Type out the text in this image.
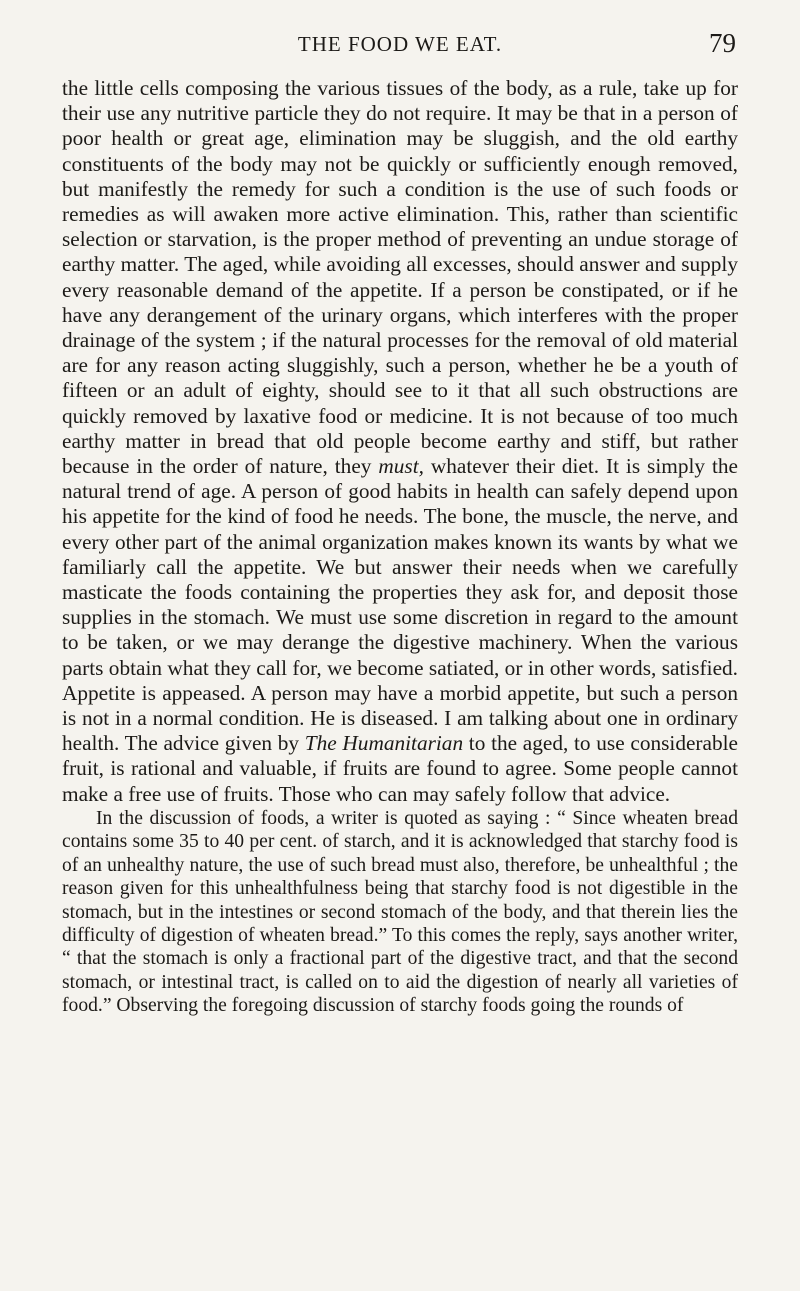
THE FOOD WE EAT.	79

the little cells composing the various tissues of the body, as a rule, take up for their use any nutritive particle they do not require. It may be that in a person of poor health or great age, elimination may be sluggish, and the old earthy constituents of the body may not be quickly or sufficiently enough removed, but manifestly the remedy for such a condition is the use of such foods or remedies as will awaken more active elimination. This, rather than scientific selection or starvation, is the proper method of preventing an undue storage of earthy matter. The aged, while avoiding all excesses, should answer and supply every reasonable demand of the appetite. If a person be constipated, or if he have any derangement of the urinary organs, which interferes with the proper drainage of the system ; if the natural processes for the removal of old material are for any reason acting sluggishly, such a person, whether he be a youth of fifteen or an adult of eighty, should see to it that all such obstructions are quickly removed by laxative food or medicine. It is not because of too much earthy matter in bread that old people become earthy and stiff, but rather because in the order of nature, they must, whatever their diet. It is simply the natural trend of age. A person of good habits in health can safely depend upon his appetite for the kind of food he needs. The bone, the muscle, the nerve, and every other part of the animal organization makes known its wants by what we familiarly call the appetite. We but answer their needs when we carefully masticate the foods containing the properties they ask for, and deposit those supplies in the stomach. We must use some discretion in regard to the amount to be taken, or we may derange the digestive machinery. When the various parts obtain what they call for, we become satiated, or in other words, satisfied. Appetite is appeased. A person may have a morbid appetite, but such a person is not in a normal condition. He is diseased. I am talking about one in ordinary health. The advice given by The Humanitarian to the aged, to use considerable fruit, is rational and valuable, if fruits are found to agree. Some people cannot make a free use of fruits. Those who can may safely follow that advice.

In the discussion of foods, a writer is quoted as saying : “ Since wheaten bread contains some 35 to 40 per cent. of starch, and it is acknowledged that starchy food is of an unhealthy nature, the use of such bread must also, therefore, be unhealthful ; the reason given for this unhealthfulness being that starchy food is not digestible in the stomach, but in the intestines or second stomach of the body, and that therein lies the difficulty of digestion of wheaten bread.” To this comes the reply, says another writer, “ that the stomach is only a fractional part of the digestive tract, and that the second stomach, or intestinal tract, is called on to aid the digestion of nearly all varieties of food.” Observing the foregoing discussion of starchy foods going the rounds of
